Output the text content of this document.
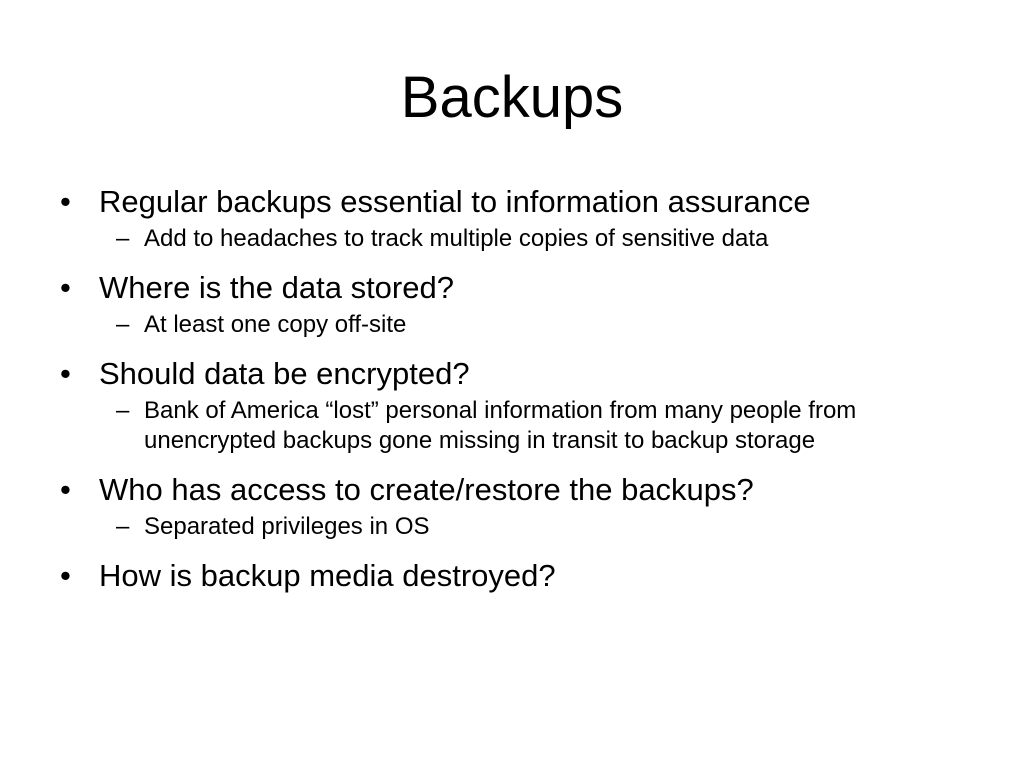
Backups
• Regular backups essential to information assurance
– Add to headaches to track multiple copies of sensitive data
• Where is the data stored?
– At least one copy off-site
• Should data be encrypted?
– Bank of America “lost” personal information from many people from unencrypted backups gone missing in transit to backup storage
• Who has access to create/restore the backups?
– Separated privileges in OS
• How is backup media destroyed?
